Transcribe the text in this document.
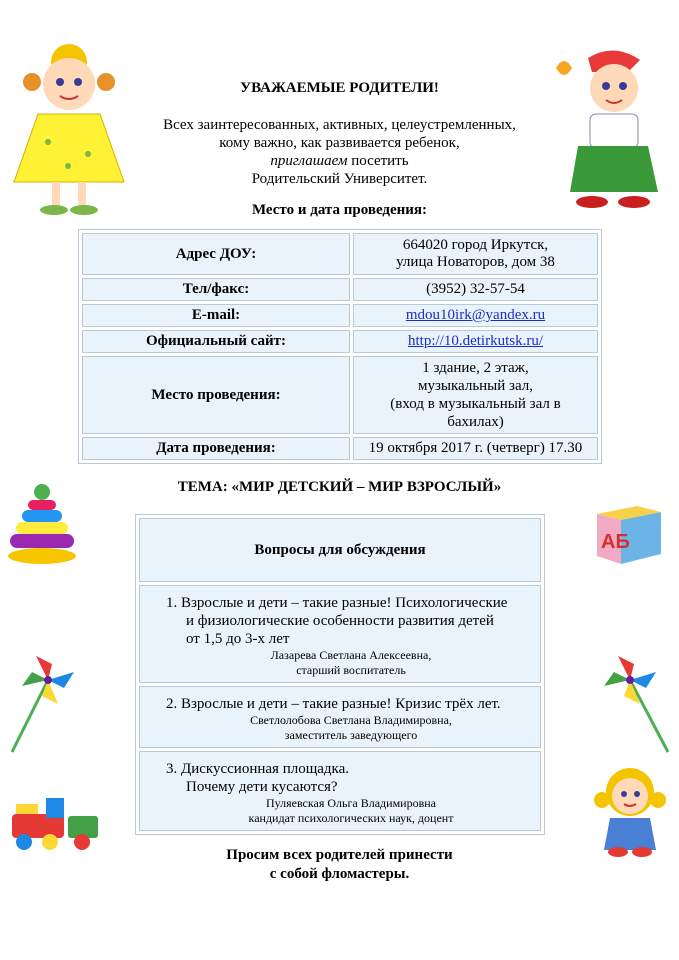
УВАЖАЕМЫЕ РОДИТЕЛИ!
Всех заинтересованных, активных, целеустремленных,
кому важно, как развивается ребенок,
приглашаем посетить
Родительский Университет.
Место и дата проведения:
Адрес ДОУ:	664020 город Иркутск,
улица Новаторов, дом 38

Тел/факс:	(3952) 32-57-54
E-mail:	mdou10irk@yandex.ru
Официальный сайт:	http://10.detirkutsk.ru/
Место проведения:	1 здание, 2 этаж,
музыкальный зал,
(вход в музыкальный зал в
бахилах)

Дата проведения:	19 октября 2017 г. (четверг) 17.30
ТЕМА: «МИР ДЕТСКИЙ – МИР ВЗРОСЛЫЙ»
Вопросы для обсуждения

1. Взрослые и дети – такие разные! Психологические
и физиологические особенности развития детей
от 1,5 до 3-х лет
Лазарева Светлана Алексеевна,
старший воспитатель

2. Взрослые и дети – такие разные! Кризис трёх лет.
Светлолобова Светлана Владимировна,
заместитель заведующего

3. Дискуссионная площадка.
Почему дети кусаются?
Пуляевская Ольга Владимировна
кандидат психологических наук, доцент
Просим всех родителей принести
с собой фломастеры.
АБ
